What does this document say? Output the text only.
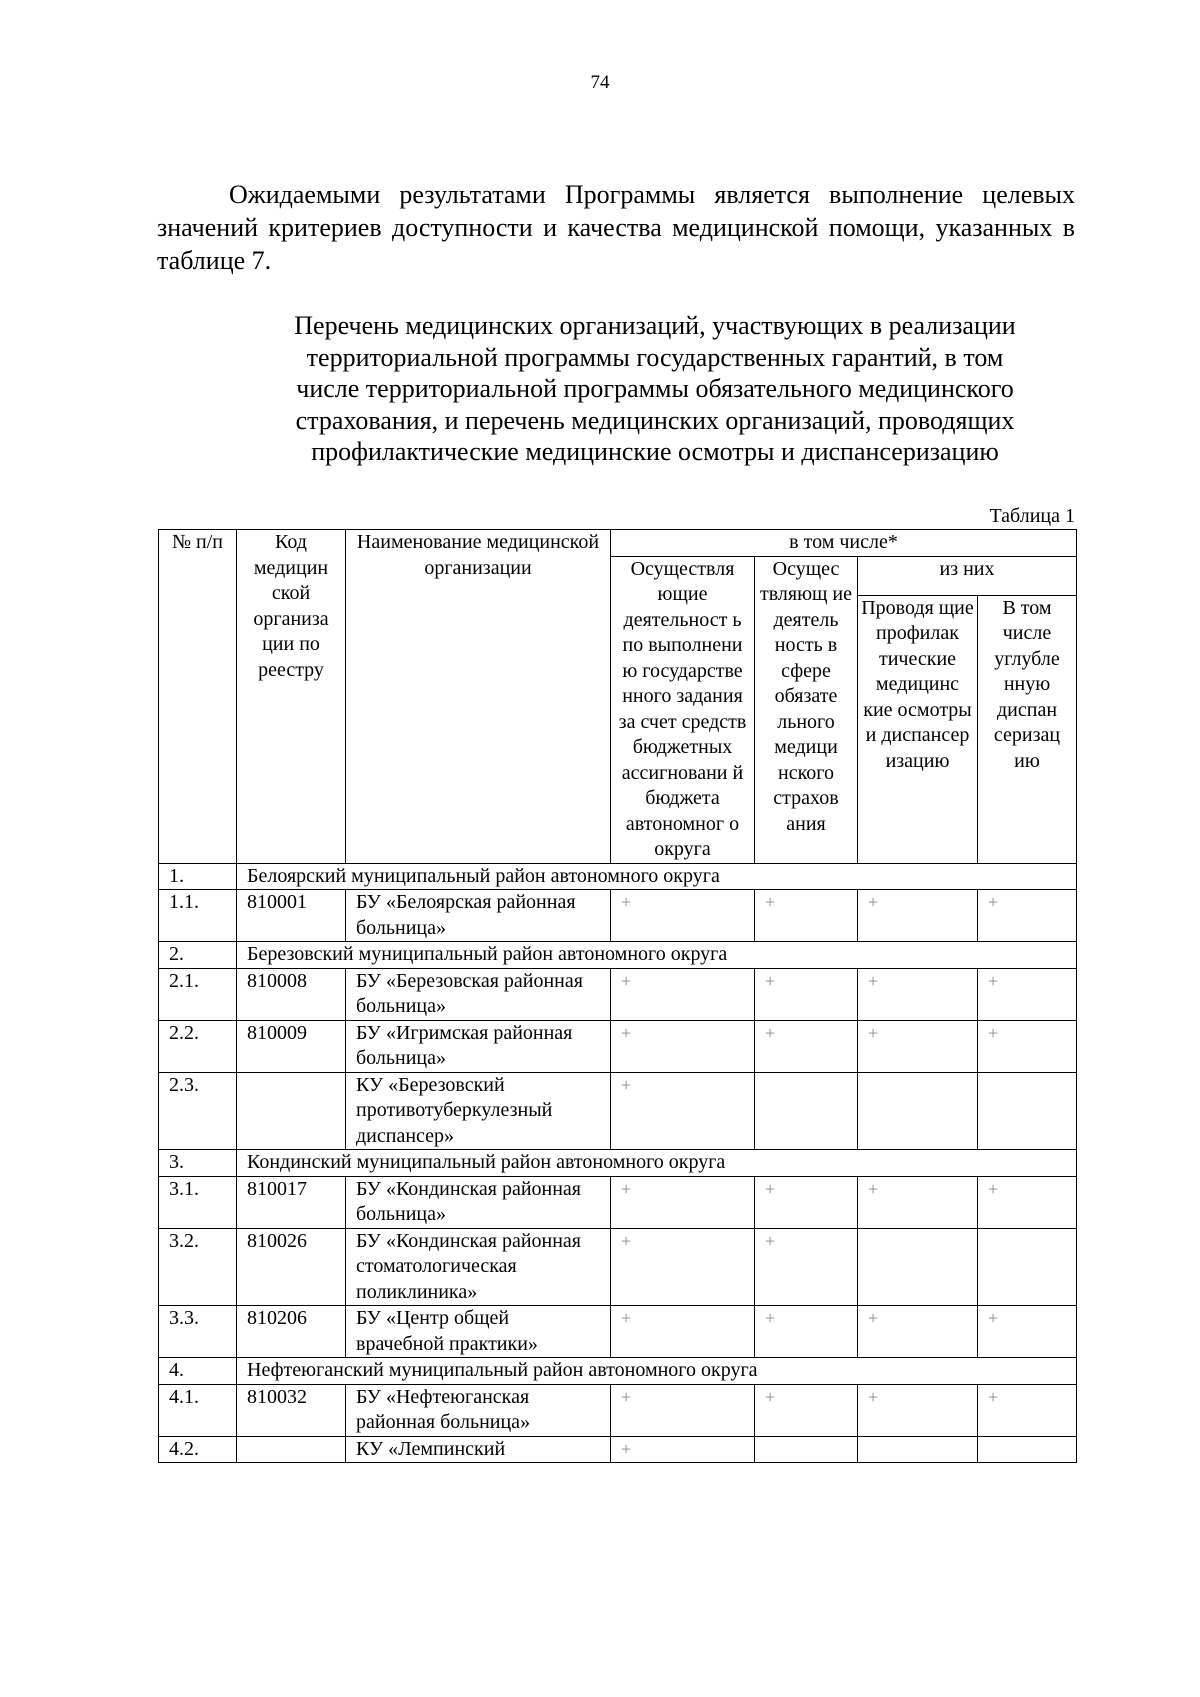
74

Ожидаемыми результатами Программы является выполнение целевых значений критериев доступности и качества медицинской помощи, указанных в таблице 7.

Перечень медицинских организаций, участвующих в реализации
территориальной программы государственных гарантий, в том
числе территориальной программы обязательного медицинского
страхования, и перечень медицинских организаций, проводящих
профилактические медицинские осмотры и диспансеризацию
Таблица 1
№ п/п	Код медицин ской организа ции по реестру	Наименование медицинской организации	в том числе*			
			Осуществля ющие деятельност ь по выполнени ю государстве нного задания за счет средств бюджетных ассигновани й бюджета автономног о округа	Осущес твляющ ие деятель ность в сфере обязате льного медици нского страхов ания	из них	
					Проводя щие профилак тические медицинс кие осмотры и диспансер изацию	В том числе углубле нную диспан серизац ию
1.	Белоярский муниципальный район автономного округа					
1.1.	810001	БУ «Белоярская районная больница»	+	+	+	+
2.	Березовский муниципальный район автономного округа					
2.1.	810008	БУ «Березовская районная больница»	+	+	+	+
2.2.	810009	БУ «Игримская районная больница»	+	+	+	+
2.3.		КУ «Березовский противотуберкулезный диспансер»	+			
3.	Кондинский муниципальный район автономного округа					
3.1.	810017	БУ «Кондинская районная больница»	+	+	+	+
3.2.	810026	БУ «Кондинская районная стоматологическая поликлиника»	+	+		
3.3.	810206	БУ «Центр общей врачебной практики»	+	+	+	+
4.	Нефтеюганский муниципальный район автономного округа					
4.1.	810032	БУ «Нефтеюганская районная больница»	+	+	+	+
4.2.		КУ «Лемпинский	+			
